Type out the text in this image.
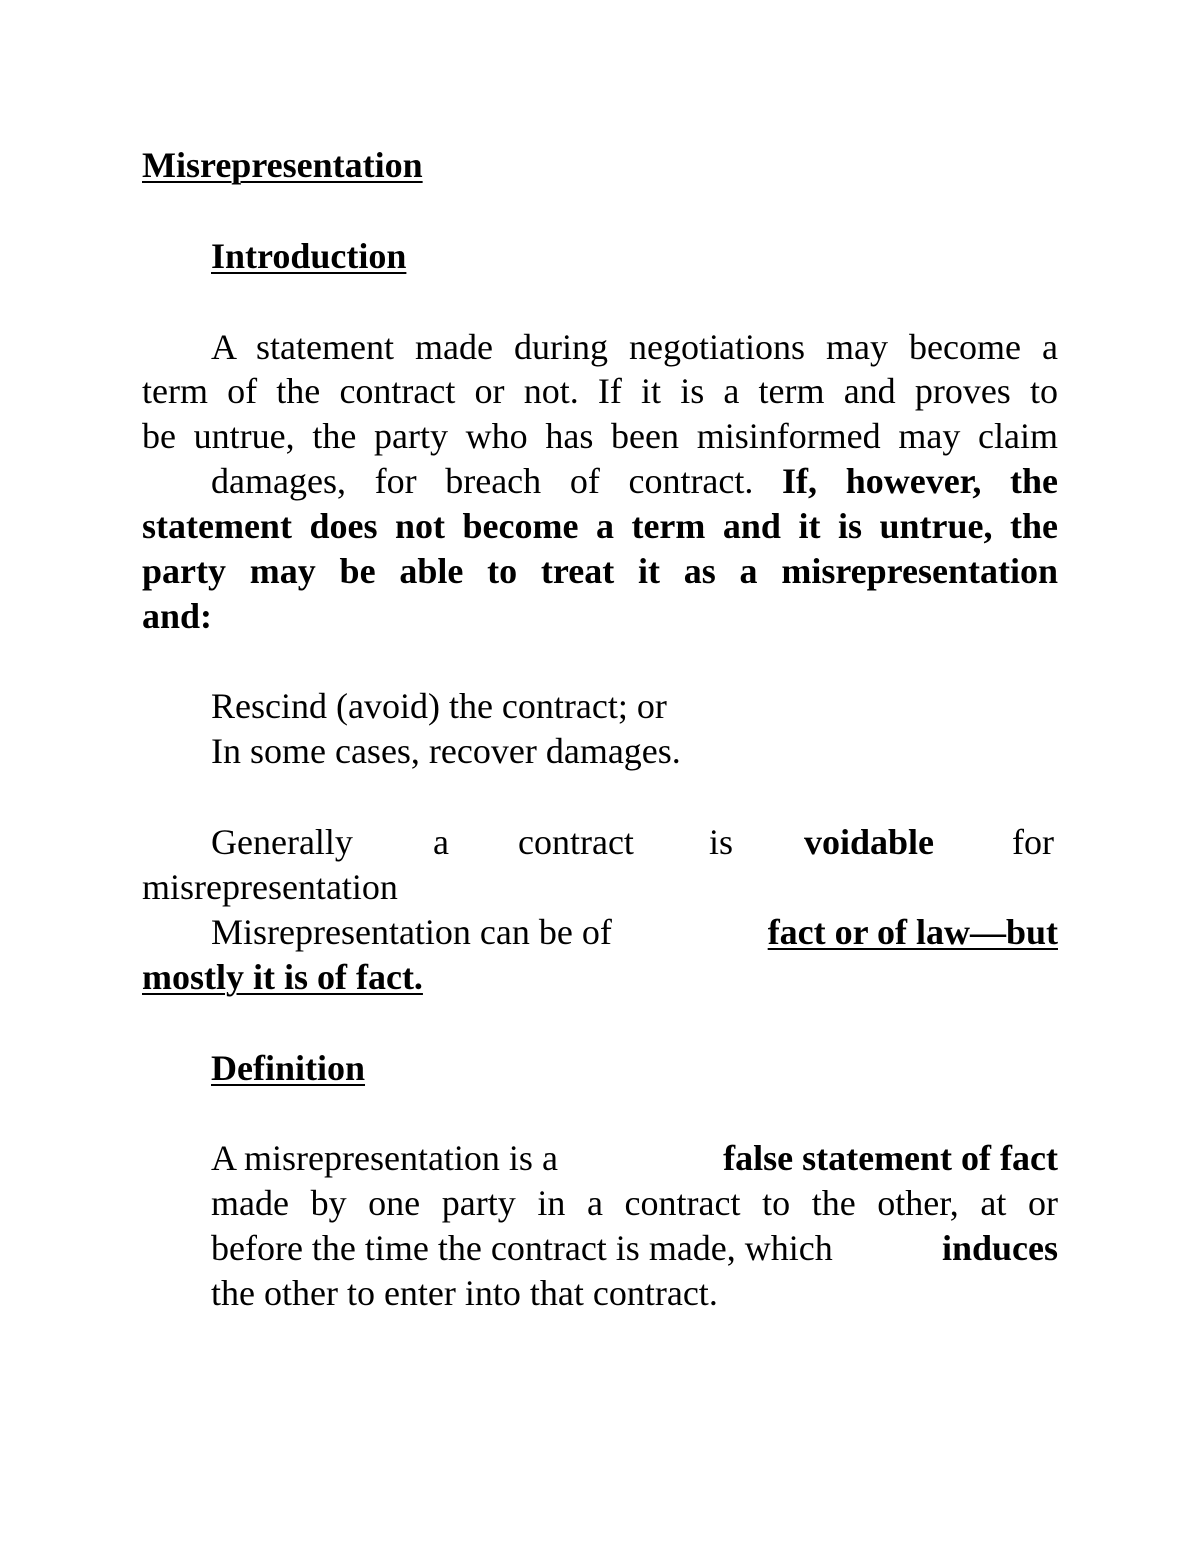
Misrepresentation
Introduction
A statement made during negotiations may become a
term of the contract or not. If it is a term and proves to
be untrue, the party who has been misinformed may claim
damages, for breach of contract. If, however, the
statement does not become a term and it is untrue, the
party may be able to treat it as a misrepresentation
and:
Rescind (avoid) the contract; or
In some cases, recover damages.
Generally a contract is voidable for
misrepresentation
Misrepresentation can be of	fact or of law—but
mostly it is of fact.
Definition
A misrepresentation is a	false statement of fact
made by one party in a contract to the other, at or
before the time the contract is made, which	induces
the other to enter into that contract.
